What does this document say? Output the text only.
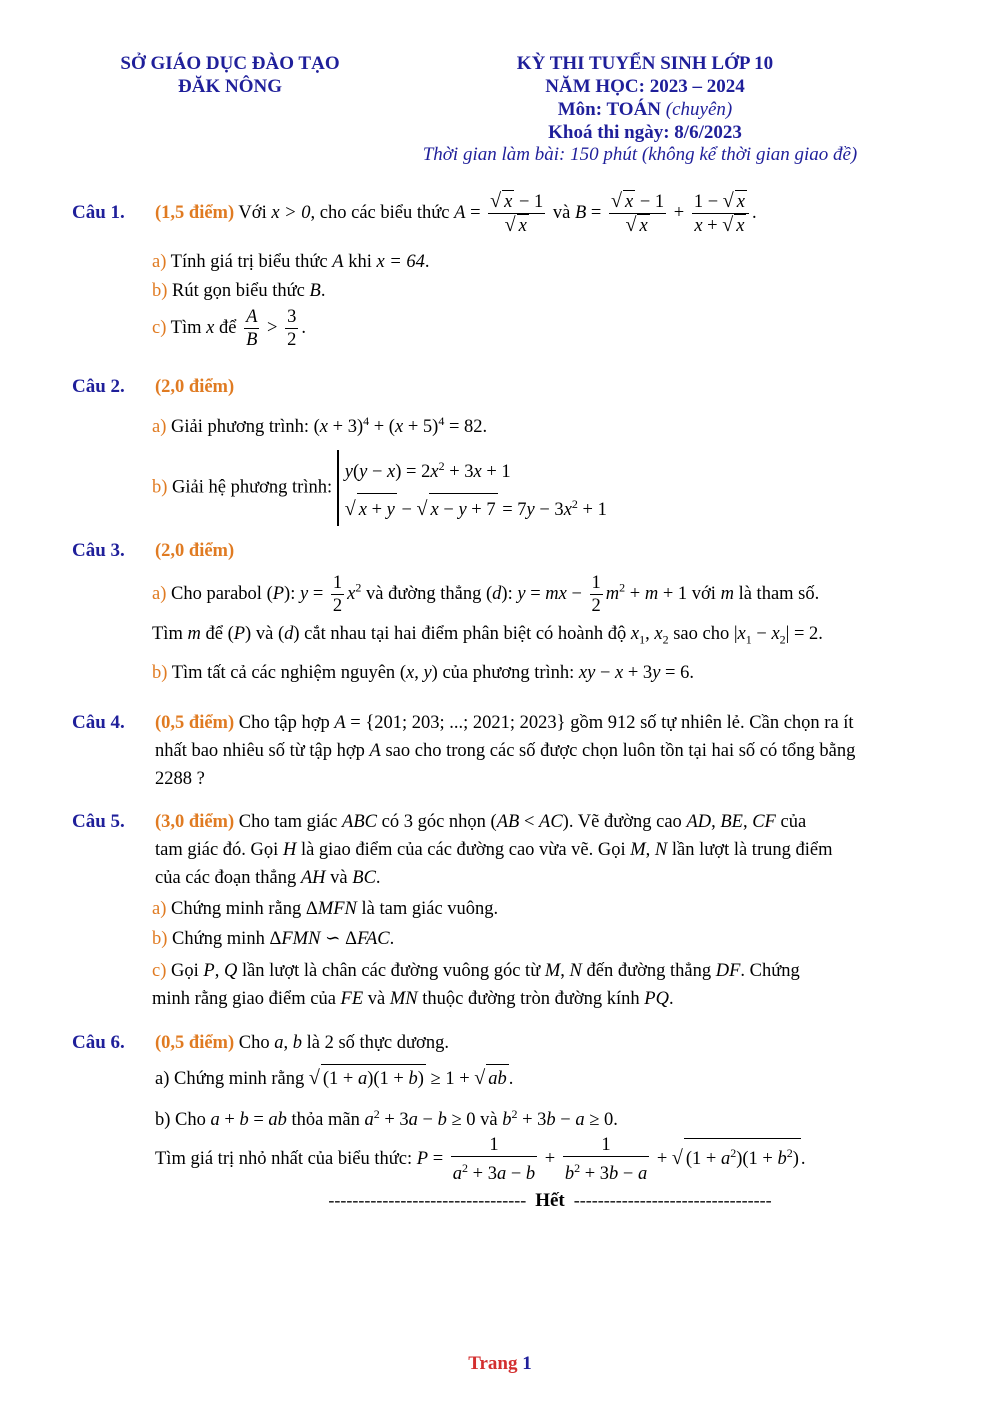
SỞ GIÁO DỤC ĐÀO TẠO
ĐĂK NÔNG
KỲ THI TUYỂN SINH LỚP 10
NĂM HỌC: 2023 – 2024
Môn: TOÁN (chuyên)
Khoá thi ngày: 8/6/2023
Thời gian làm bài: 150 phút (không kể thời gian giao đề)
Câu 1. (1,5 điểm) Với x > 0, cho các biểu thức $A = \frac{√ x - 1}{√ x}$ và $B = \frac{√ x - 1}{√ x} + \frac{1 - √ x}{x + √ x}$ .
a) Tính giá trị biểu thức A khi x = 64.
b) Rút gọn biểu thức B.
c) Tìm x để $\frac{A}{B} > \frac{3}{2}$ .
Câu 2. (2,0 điểm)
a) Giải phương trình: $(x + 3)^4 + (x + 5)^4 = 82$.
b) Giải hệ phương trình:
$y(y - x) = 2x^2 + 3x + 1$
√ x + y − √ $x - y + 7 = 7y - 3x^2 + 1$
Câu 3. (2,0 điểm)
a) Cho parabol (P): $y = \frac{1}{2} x^2$ và đường thẳng (d): y = mx − $\frac{1}{2} m^2 + m + 1$ với m là tham số.
Tìm m để (P) và (d) cắt nhau tại hai điểm phân biệt có hoành độ $x_1$, $x_2$ sao cho $|x_1 - x_2| = 2$.
b) Tìm tất cả các nghiệm nguyên (x, y) của phương trình: xy − x + 3y = 6.
Câu 4. (0,5 điểm) Cho tập hợp A = {201; 203; ...; 2021; 2023} gồm 912 số tự nhiên lẻ. Cần chọn ra ít
nhất bao nhiêu số từ tập hợp A sao cho trong các số được chọn luôn tồn tại hai số có tổng bằng
2288 ?
Câu 5. (3,0 điểm) Cho tam giác ABC có 3 góc nhọn (AB < AC). Vẽ đường cao AD, BE, CF của
tam giác đó. Gọi H là giao điểm của các đường cao vừa vẽ. Gọi M, N lần lượt là trung điểm
của các đoạn thẳng AH và BC.
a) Chứng minh rằng ΔMFN là tam giác vuông.
b) Chứng minh ΔFMN ∽ ΔFAC.
c) Gọi P, Q lần lượt là chân các đường vuông góc từ M, N đến đường thẳng DF. Chứng
minh rằng giao điểm của FE và MN thuộc đường tròn đường kính PQ.
Câu 6. (0,5 điểm) Cho a, b là 2 số thực dương.
a) Chứng minh rằng √ (1 + a)(1 + b) ≥ 1 + √ ab .
b) Cho a + b = ab thỏa mãn $a^2 + 3a - b \ge 0$ và $b^2 + 3b - a \ge 0$.
Tìm giá trị nhỏ nhất của biểu thức: $P = \frac{1}{a^2 + 3a - b} + \frac{1}{b^2 + 3b - a}$ + √ $(1 + a^2)(1 + b^2)$ .
---------------------------------  Hết  ---------------------------------
Trang 1
